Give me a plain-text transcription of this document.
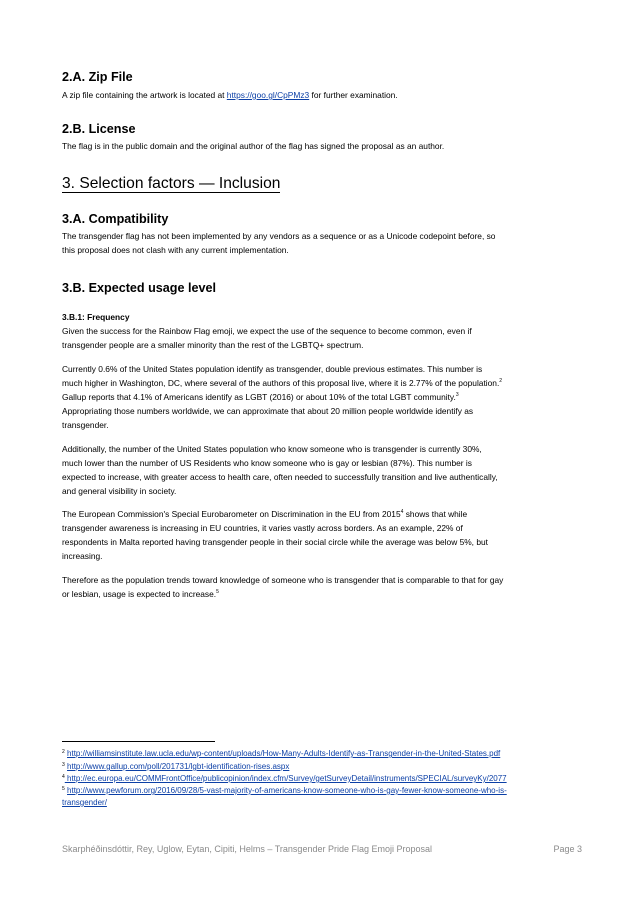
2.A. Zip File

A zip file containing the artwork is located at https://goo.gl/CpPMz3 for further examination.

2.B. License

The flag is in the public domain and the original author of the flag has signed the proposal as an author.

3. Selection factors — Inclusion
3.A. Compatibility

The transgender flag has not been implemented by any vendors as a sequence or as a Unicode codepoint before, so

this proposal does not clash with any current implementation.

3.B. Expected usage level

3.B.1: Frequency

Given the success for the Rainbow Flag emoji, we expect the use of the sequence to become common, even if

transgender people are a smaller minority than the rest of the LGBTQ+ spectrum.

Currently 0.6% of the United States population identify as transgender, double previous estimates. This number is

much higher in Washington, DC, where several of the authors of this proposal live, where it is 2.77% of the population.$^2$

Gallup reports that 4.1% of Americans identify as LGBT (2016) or about 10% of the total LGBT community.$^3$

Appropriating those numbers worldwide, we can approximate that about 20 million people worldwide identify as

transgender.

Additionally, the number of the United States population who know someone who is transgender is currently 30%,

much lower than the number of US Residents who know someone who is gay or lesbian (87%). This number is

expected to increase, with greater access to health care, often needed to successfully transition and live authentically,

and general visibility in society.

The European Commission's Special Eurobarometer on Discrimination in the EU from 2015$^4$ shows that while

transgender awareness is increasing in EU countries, it varies vastly across borders. As an example, 22% of

respondents in Malta reported having transgender people in their social circle while the average was below 5%, but

increasing.

Therefore as the population trends toward knowledge of someone who is transgender that is comparable to that for gay

or lesbian, usage is expected to increase.$^5$

$^2$ http://williamsinstitute.law.ucla.edu/wp-content/uploads/How-Many-Adults-Identify-as-Transgender-in-the-United-States.pdf

$^3$ http://www.gallup.com/poll/201731/lgbt-identification-rises.aspx

$^4$ http://ec.europa.eu/COMMFrontOffice/publicopinion/index.cfm/Survey/getSurveyDetail/instruments/SPECIAL/surveyKy/2077

$^5$ http://www.pewforum.org/2016/09/28/5-vast-majority-of-americans-know-someone-who-is-gay-fewer-know-someone-who-is-

transgender/

Skarphéðinsdóttir, Rey, Uglow, Eytan, Cipiti, Helms – Transgender Pride Flag Emoji Proposal	Page 3
